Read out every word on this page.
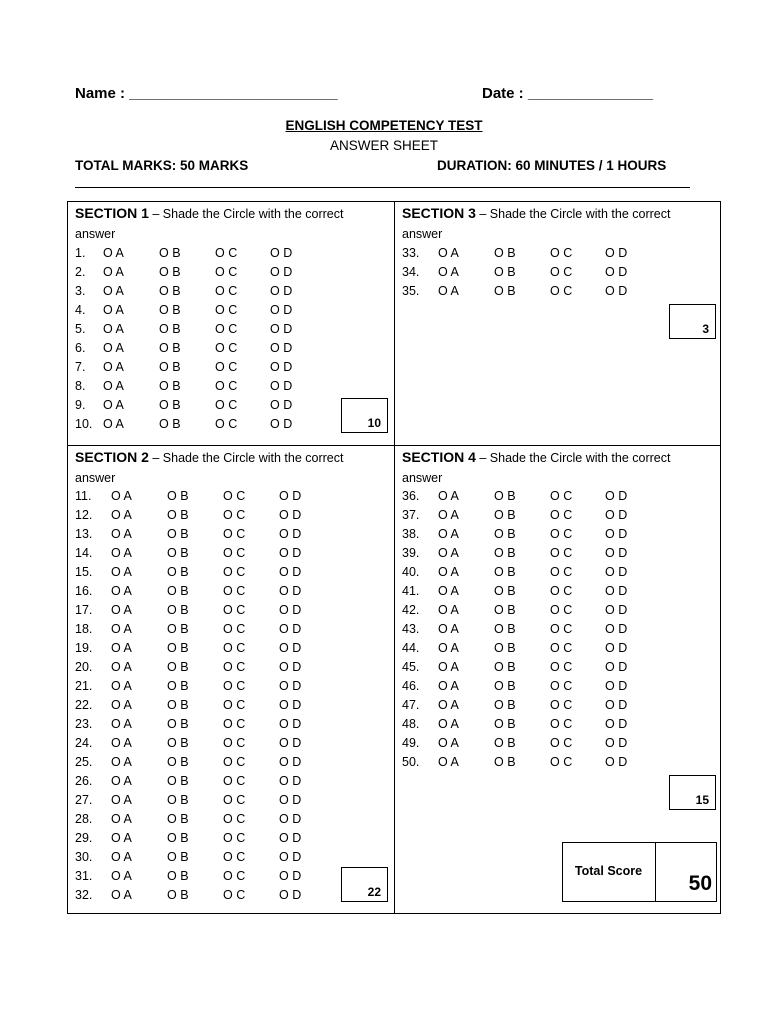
Name : _________________________	Date : _______________
ENGLISH COMPETENCY TEST
ANSWER SHEET
TOTAL MARKS: 50 MARKS	DURATION: 60 MINUTES / 1 HOURS
SECTION 1 – Shade the Circle with the correct
answer
1. O A	O B	O C	O D
2. O A	O B	O C	O D
3. O A	O B	O C	O D
4. O A	O B	O C	O D
5. O A	O B	O C	O D
6. O A	O B	O C	O D
7. O A	O B	O C	O D
8. O A	O B	O C	O D
9. O A	O B	O C	O D
10. O A	O B	O C	O D	10
SECTION 2 – Shade the Circle with the correct
answer
11. O A	O B	O C	O D
12. O A	O B	O C	O D
13. O A	O B	O C	O D
14. O A	O B	O C	O D
15. O A	O B	O C	O D
16. O A	O B	O C	O D
17. O A	O B	O C	O D
18. O A	O B	O C	O D
19. O A	O B	O C	O D
20. O A	O B	O C	O D
21. O A	O B	O C	O D
22. O A	O B	O C	O D
23. O A	O B	O C	O D
24. O A	O B	O C	O D
25. O A	O B	O C	O D
26. O A	O B	O C	O D
27. O A	O B	O C	O D
28. O A	O B	O C	O D
29. O A	O B	O C	O D
30. O A	O B	O C	O D
31. O A	O B	O C	O D
32. O A	O B	O C	O D	22
SECTION 3 – Shade the Circle with the correct
answer
33. O A	O B	O C	O D
34. O A	O B	O C	O D
35. O A	O B	O C	O D
3
SECTION 4 – Shade the Circle with the correct
answer
36. O A	O B	O C	O D
37. O A	O B	O C	O D
38. O A	O B	O C	O D
39. O A	O B	O C	O D
40. O A	O B	O C	O D
41. O A	O B	O C	O D
42. O A	O B	O C	O D
43. O A	O B	O C	O D
44. O A	O B	O C	O D
45. O A	O B	O C	O D
46. O A	O B	O C	O D
47. O A	O B	O C	O D
48. O A	O B	O C	O D
49. O A	O B	O C	O D
50. O A	O B	O C	O D
15
Total Score
50
